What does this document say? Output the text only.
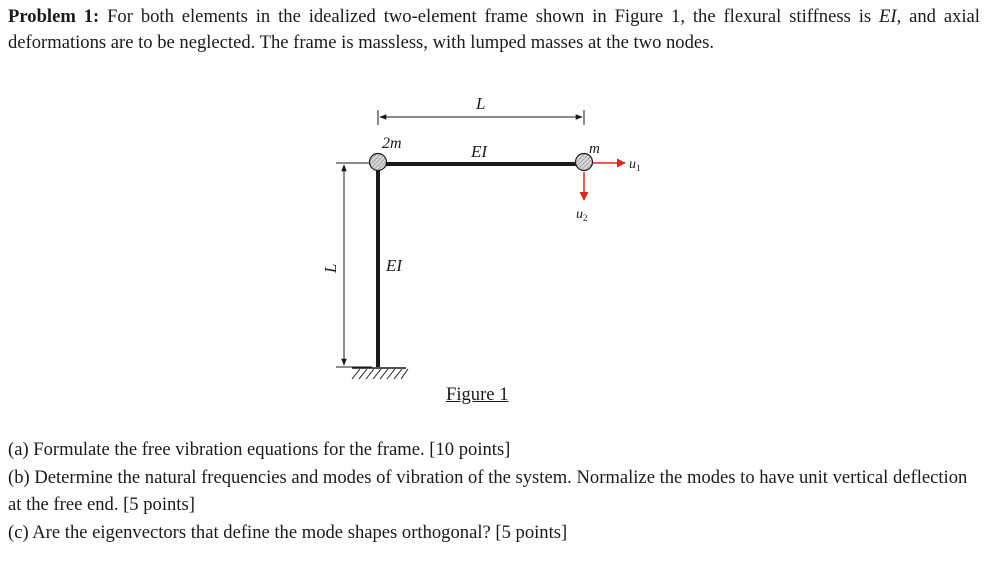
Problem 1: For both elements in the idealized two-element frame shown in Figure 1, the flexural stiffness is EI, and axial deformations are to be neglected. The frame is massless, with lumped masses at the two nodes.

L
L
2m	m
EI
EI
$u_1$
$u_2$

Figure 1

(a) Formulate the free vibration equations for the frame. [10 points]

(b) Determine the natural frequencies and modes of vibration of the system. Normalize the modes to have unit vertical deflection at the free end. [5 points]

(c) Are the eigenvectors that define the mode shapes orthogonal? [5 points]
